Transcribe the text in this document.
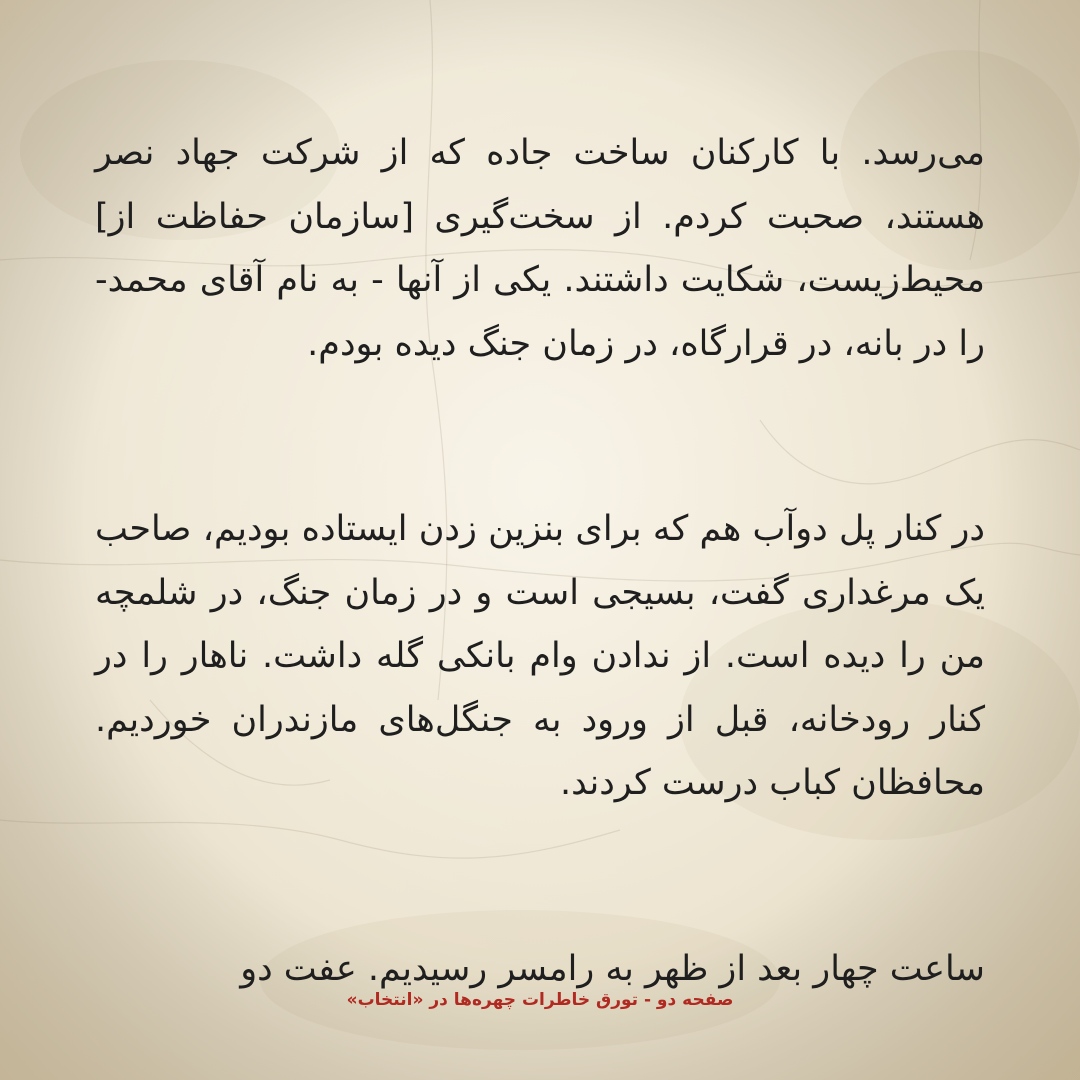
می‌رسد. با کارکنان ساخت جاده که از شرکت جهاد نصر هستند، صحبت کردم. از سخت‌گیری [سازمان حفاظت از] محیط‌زیست، شکایت داشتند. یکی از آنها - به نام آقای محمد- را در بانه، در قرارگاه، در زمان جنگ دیده بودم.

در کنار پل دوآب هم که برای بنزین زدن ایستاده بودیم، صاحب یک مرغداری گفت، بسیجی است و در زمان جنگ، در شلمچه من را دیده است. از ندادن وام بانکی گله داشت. ناهار را در کنار رودخانه، قبل از ورود به جنگل‌های مازندران خوردیم. محافظان کباب درست کردند.

ساعت چهار بعد از ظهر به رامسر رسیدیم. عفت دو

صفحه دو - تورق خاطرات چهره‌ها در «انتخاب»
